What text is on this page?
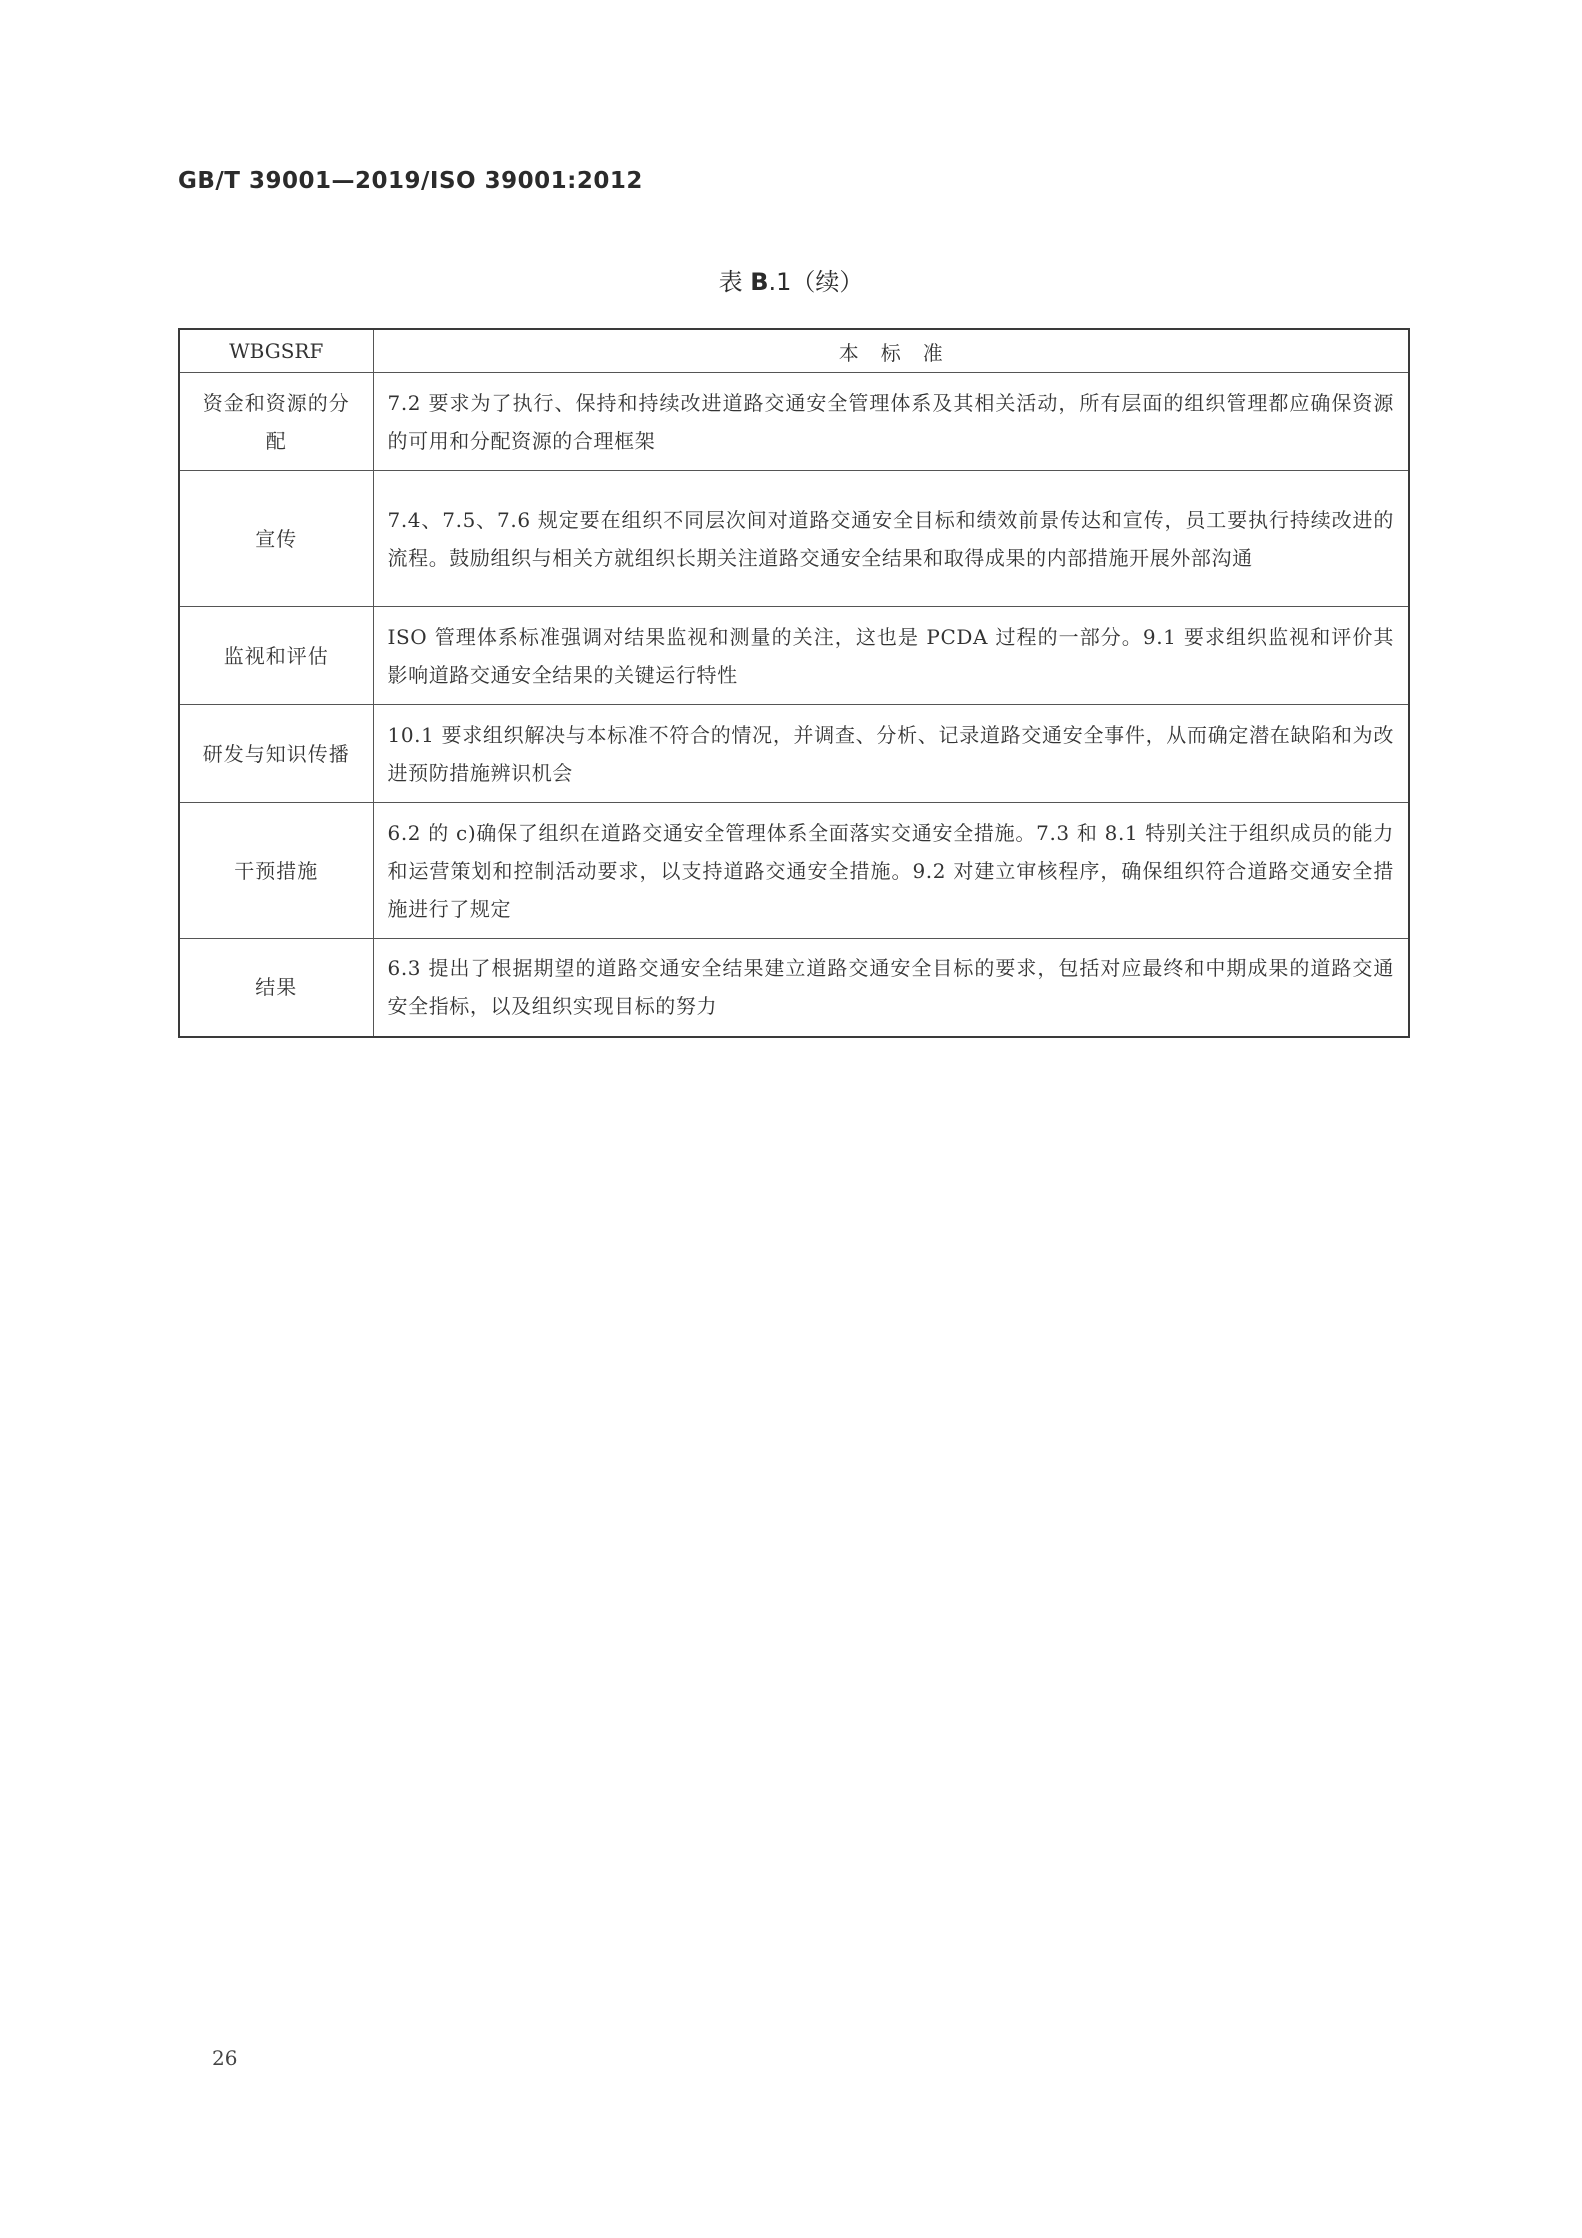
GB/T 39001—2019/ISO 39001:2012
表 B.1（续）
WBGSRF	本标准
资金和资源的分配	7.2 要求为了执行、保持和持续改进道路交通安全管理体系及其相关活动，所有层面的组织管理都应确保资源的可用和分配资源的合理框架
宣传	7.4、7.5、7.6 规定要在组织不同层次间对道路交通安全目标和绩效前景传达和宣传，员工要执行持续改进的流程。鼓励组织与相关方就组织长期关注道路交通安全结果和取得成果的内部措施开展外部沟通
监视和评估	ISO 管理体系标准强调对结果监视和测量的关注，这也是 PCDA 过程的一部分。9.1 要求组织监视和评价其影响道路交通安全结果的关键运行特性
研发与知识传播	10.1 要求组织解决与本标准不符合的情况，并调查、分析、记录道路交通安全事件，从而确定潜在缺陷和为改进预防措施辨识机会
干预措施	6.2 的 c)确保了组织在道路交通安全管理体系全面落实交通安全措施。7.3 和 8.1 特别关注于组织成员的能力和运营策划和控制活动要求，以支持道路交通安全措施。9.2 对建立审核程序，确保组织符合道路交通安全措施进行了规定
结果	6.3 提出了根据期望的道路交通安全结果建立道路交通安全目标的要求，包括对应最终和中期成果的道路交通安全指标，以及组织实现目标的努力
26
